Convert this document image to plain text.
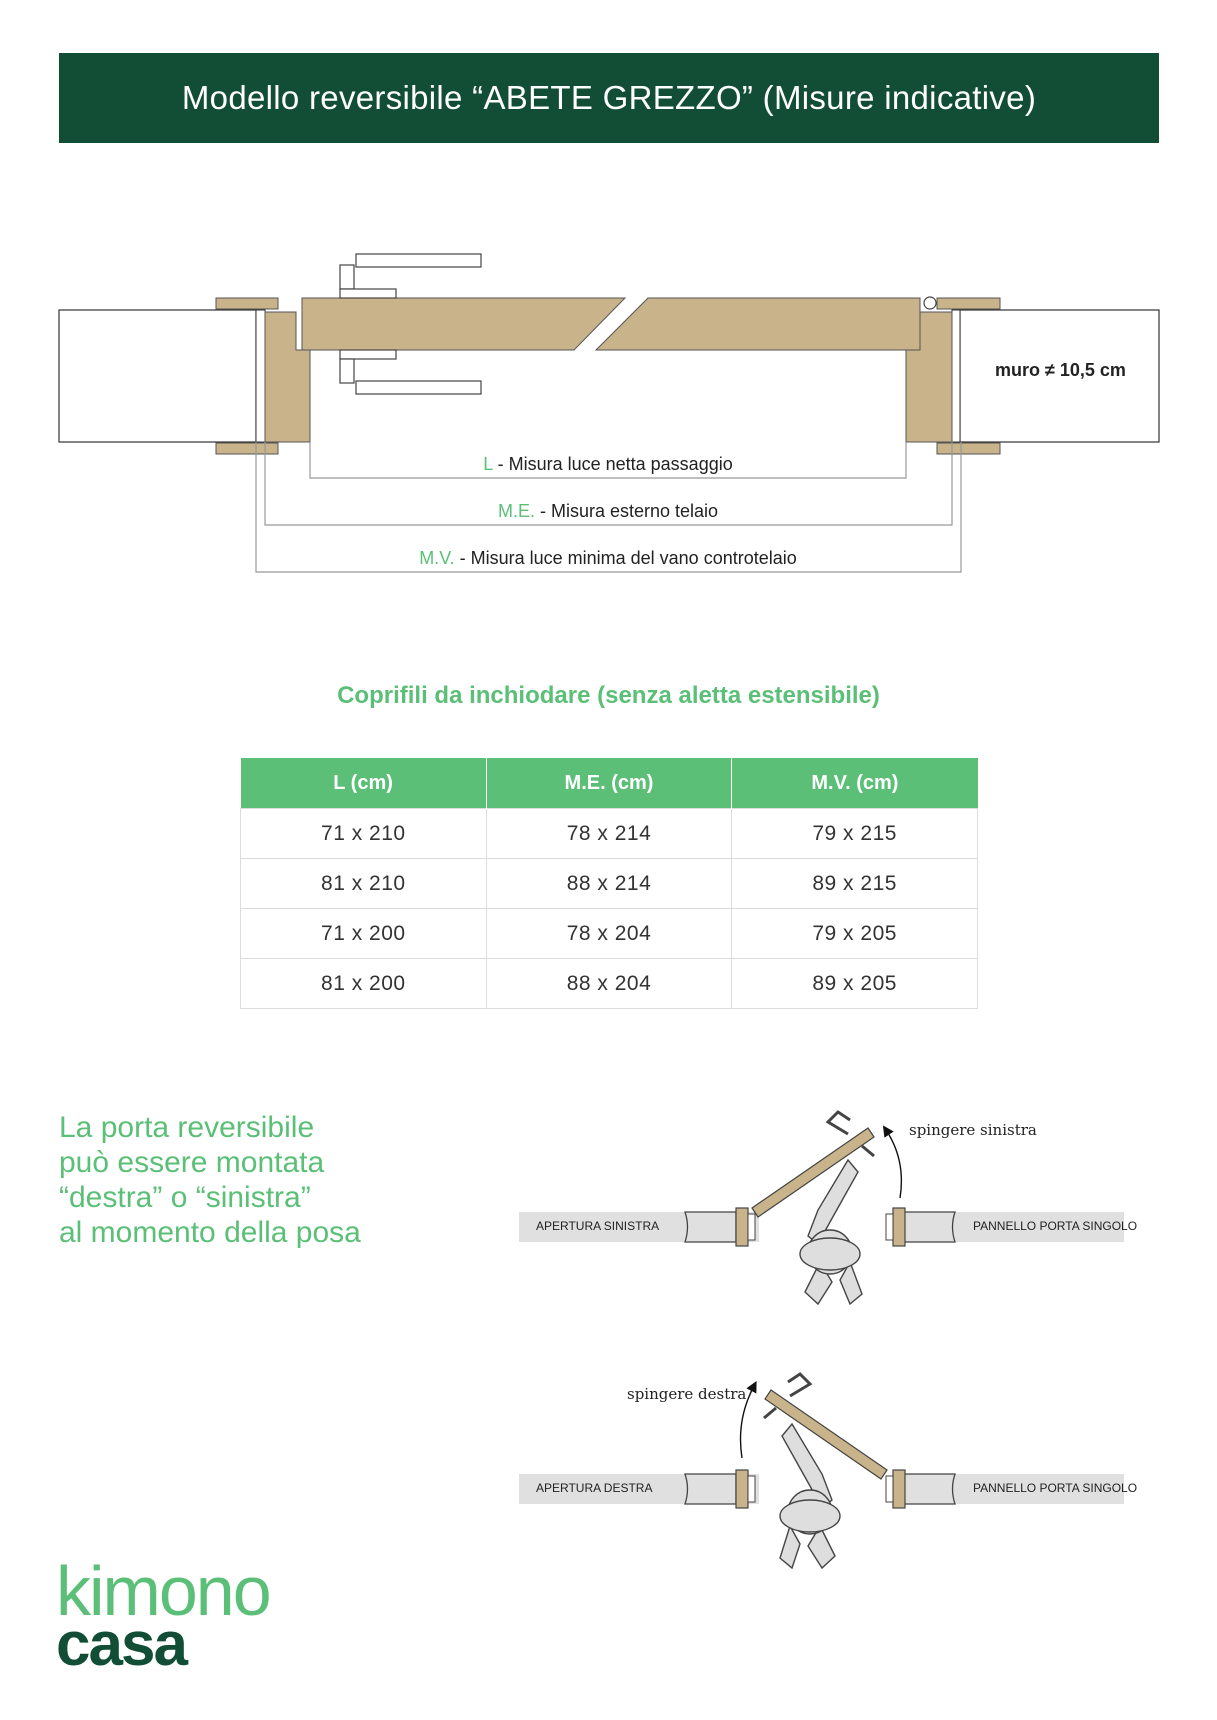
Modello reversibile “ABETE GREZZO” (Misure indicative)
muro ≠ 10,5 cm
L - Misura luce netta passaggio
M.E. - Misura esterno telaio
M.V. - Misura luce minima del vano controtelaio
Coprifili da inchiodare (senza aletta estensibile)
L (cm)	M.E. (cm)	M.V. (cm)
71 x 210	78 x 214	79 x 215
81 x 210	88 x 214	89 x 215
71 x 200	78 x 204	79 x 205
81 x 200	88 x 204	89 x 205
La porta reversibile
può essere montata
“destra” o “sinistra”
al momento della posa	APERTURA SINISTRA	PANNELLO PORTA SINGOLO
spingere sinistra
APERTURA DESTRA	PANNELLO PORTA SINGOLO
spingere destra
kimono
casa
